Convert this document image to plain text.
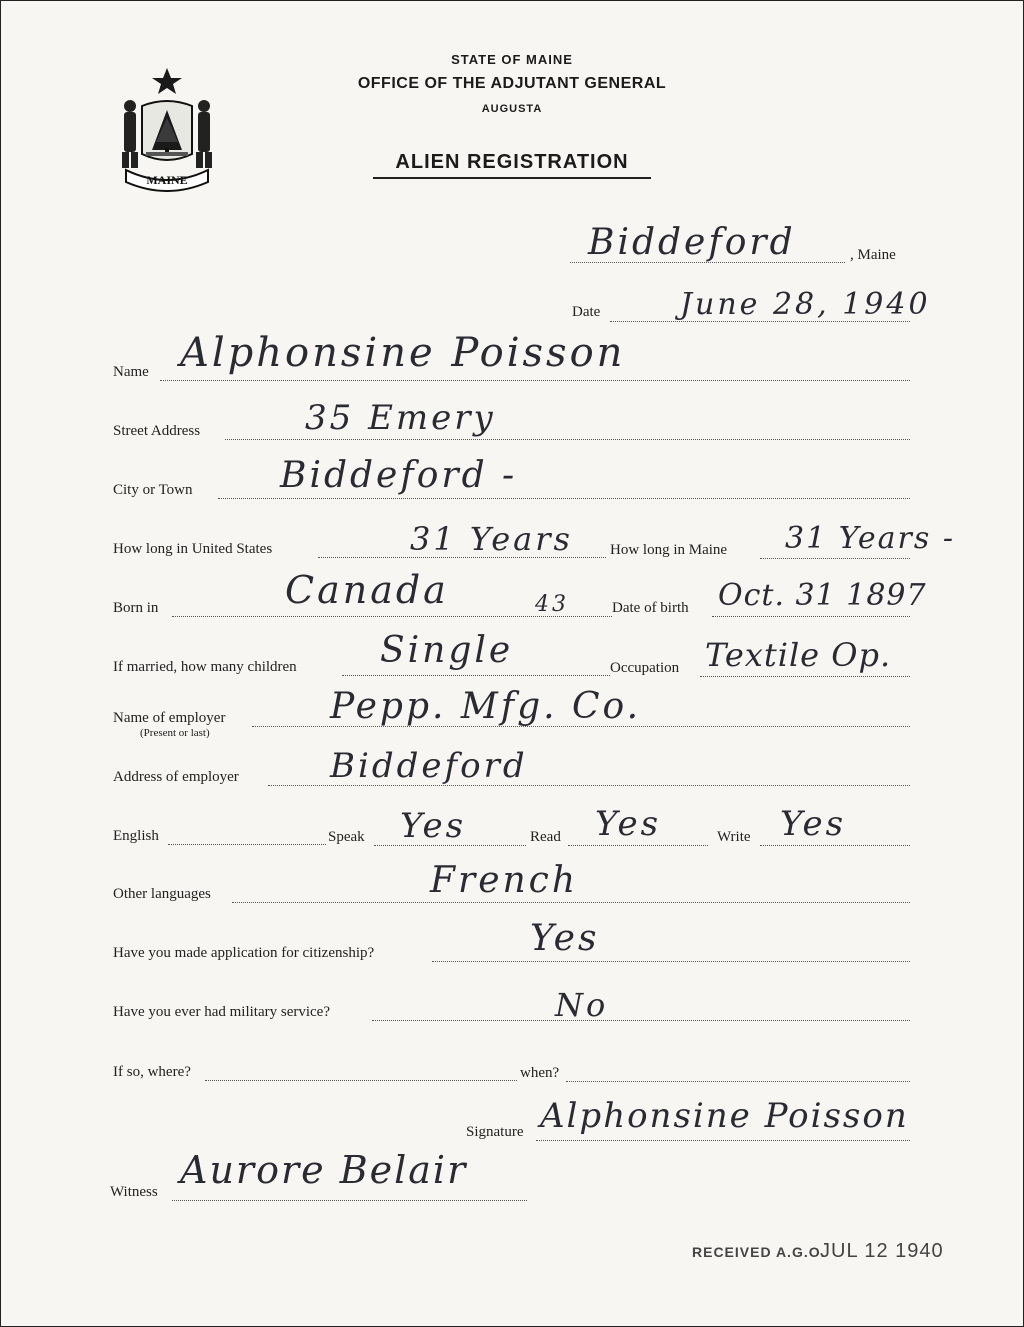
MAINE
STATE OF MAINE
OFFICE OF THE ADJUTANT GENERAL
AUGUSTA
ALIEN REGISTRATION
Biddeford	, Maine
Date	June 28, 1940
Name Alphonsine Poisson
Street Address	35 Emery
City or Town Biddeford -
How long in United States	31 Years How long in Maine 31 Years -
Born in	Canada	43	Date of birth Oct. 31 1897
If married, how many children Single	Occupation Textile Op.
Name of employer
(Present or last)
Pepp. Mfg. Co.
Address of employer	Biddeford
English	Speak Yes	Read Yes	Write Yes
Other languages	French
Have you made application for citizenship?	Yes
Have you ever had military service?	No
If so, where?	when?
Signature Alphonsine Poisson
Witness Aurore Belair
RECEIVED A.G.O.
JUL 12 1940
